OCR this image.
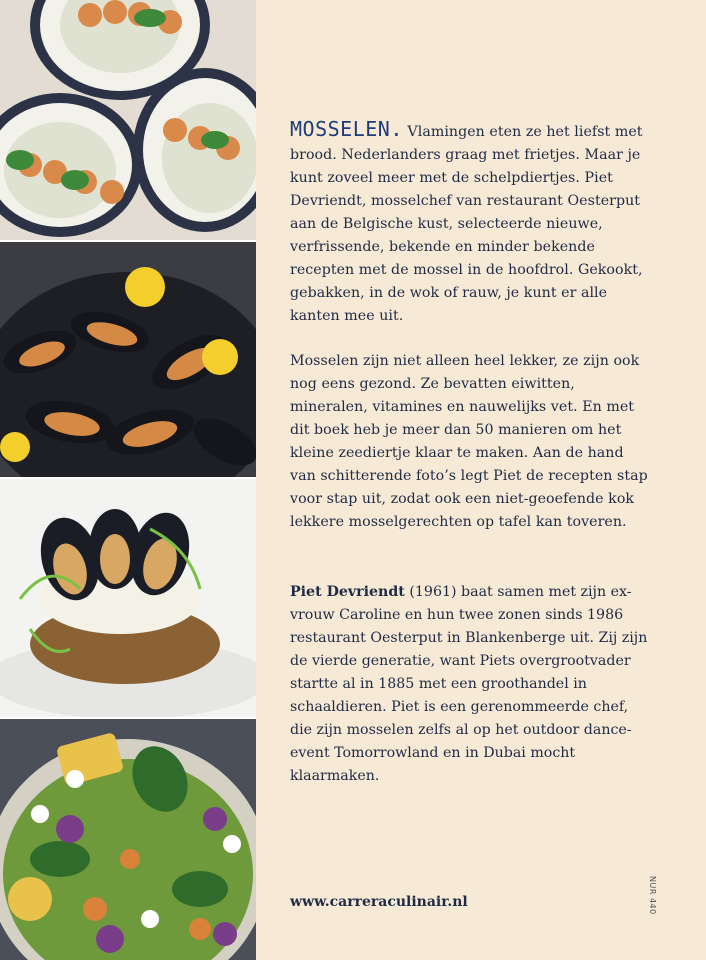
MOSSELEN. Vlamingen eten ze het liefst met brood. Nederlanders graag met frietjes. Maar je kunt zoveel meer met de schelpdiertjes. Piet Devriendt, mosselchef van restaurant Oesterput aan de Belgische kust, selecteerde nieuwe, verfrissende, bekende en minder bekende recepten met de mossel in de hoofdrol. Gekookt, gebakken, in de wok of rauw, je kunt er alle kanten mee uit.

Mosselen zijn niet alleen heel lekker, ze zijn ook nog eens gezond. Ze bevatten eiwitten, mineralen, vitamines en nauwelijks vet. En met dit boek heb je meer dan 50 manieren om het kleine zeediertje klaar te maken. Aan de hand van schitterende foto’s legt Piet de recepten stap voor stap uit, zodat ook een niet-geoefende kok lekkere mosselgerechten op tafel kan toveren.

Piet Devriendt (1961) baat samen met zijn ex-vrouw Caroline en hun twee zonen sinds 1986 restaurant Oesterput in Blankenberge uit. Zij zijn de vierde generatie, want Piets overgrootvader startte al in 1885 met een groothandel in schaaldieren. Piet is een gerenommeerde chef, die zijn mosselen zelfs al op het outdoor dance-event Tomorrowland en in Dubai mocht klaarmaken.
www.carreraculinair.nl	NUR 440
